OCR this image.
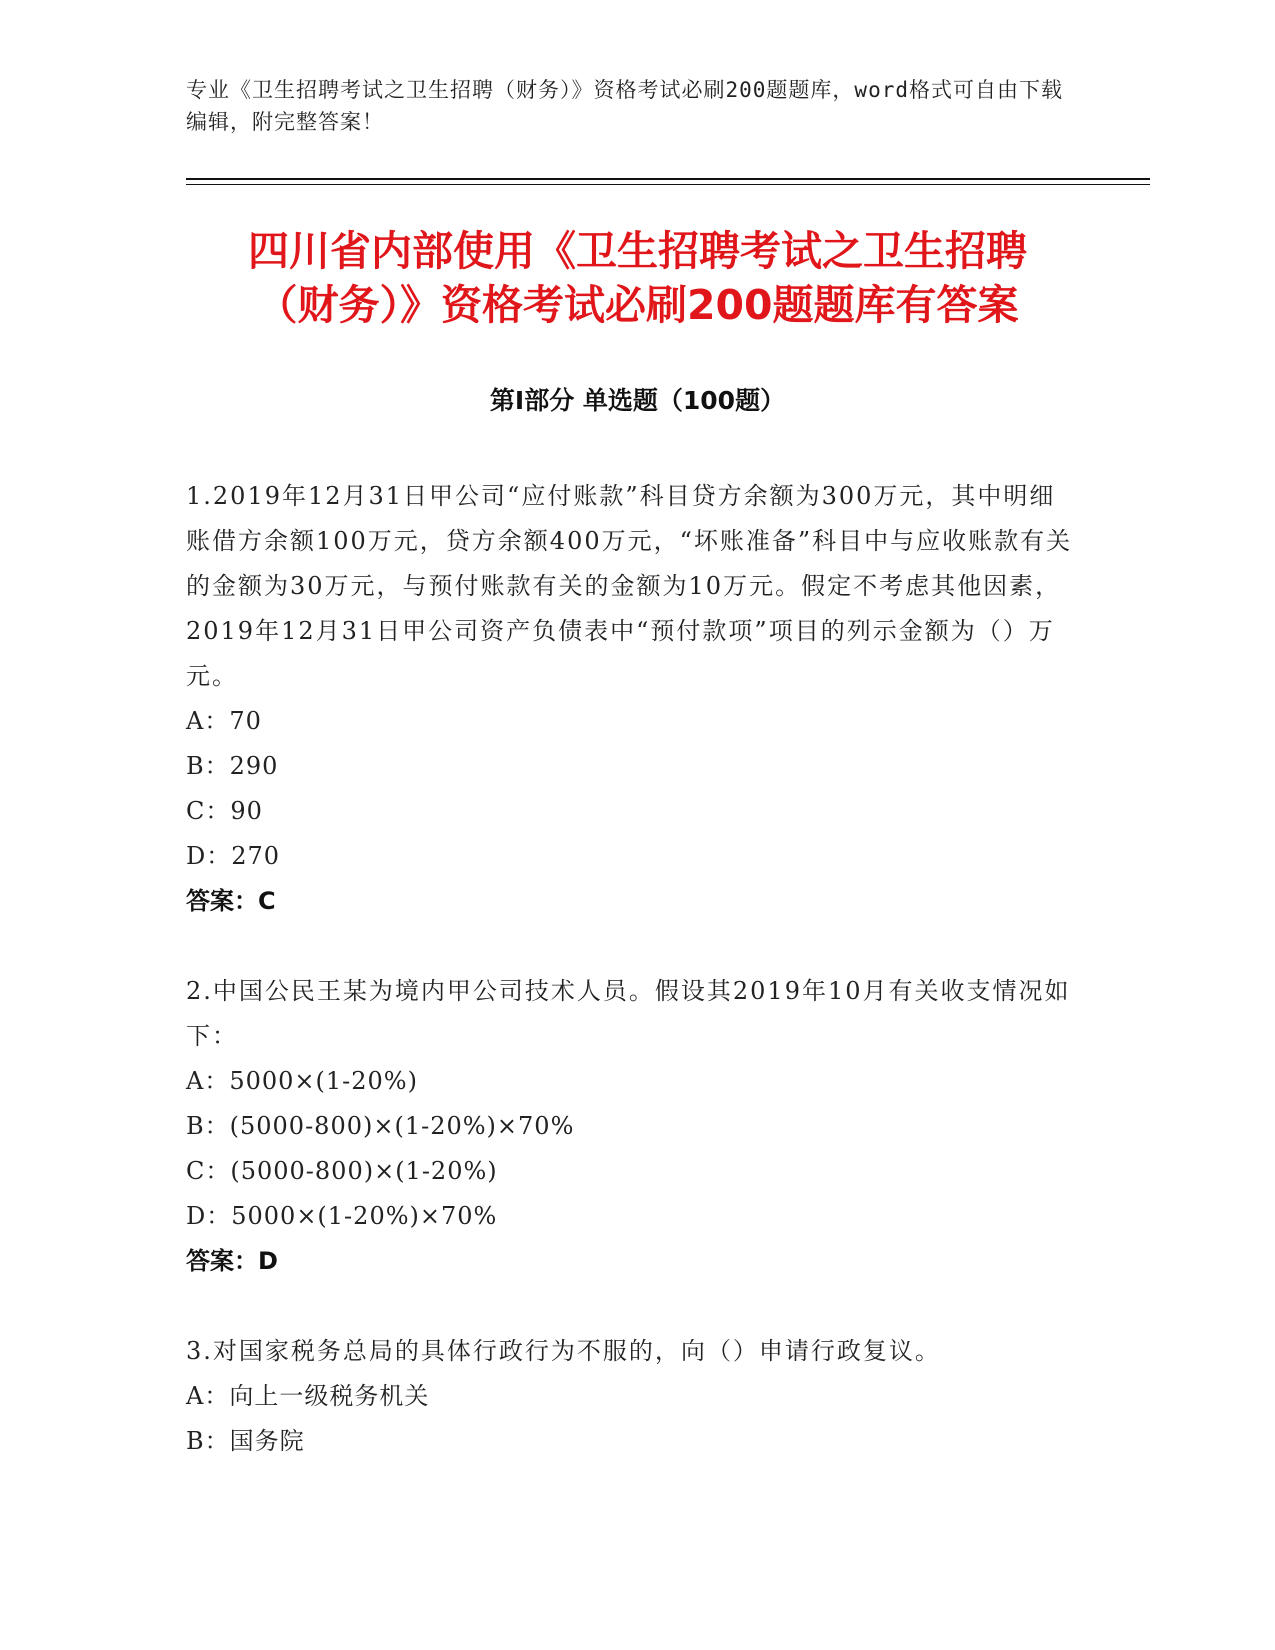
专业《卫生招聘考试之卫生招聘（财务）》资格考试必刷200题题库，word格式可自由下载编辑，附完整答案！
四川省内部使用《卫生招聘考试之卫生招聘
（财务）》资格考试必刷200题题库有答案
第Ⅰ部分 单选题（100题）

1.2019年12月31日甲公司“应付账款”科目贷方余额为300万元，其中明细账借方余额100万元，贷方余额400万元，“坏账准备”科目中与应收账款有关的金额为30万元，与预付账款有关的金额为10万元。假定不考虑其他因素，2019年12月31日甲公司资产负债表中“预付款项”项目的列示金额为（）万元。

A：70

B：290

C：90

D：270

答案：C

2.中国公民王某为境内甲公司技术人员。假设其2019年10月有关收支情况如下：

A：5000×(1-20%)

B：(5000-800)×(1-20%)×70%

C：(5000-800)×(1-20%)

D：5000×(1-20%)×70%

答案：D

3.对国家税务总局的具体行政行为不服的，向（）申请行政复议。

A：向上一级税务机关

B：国务院
